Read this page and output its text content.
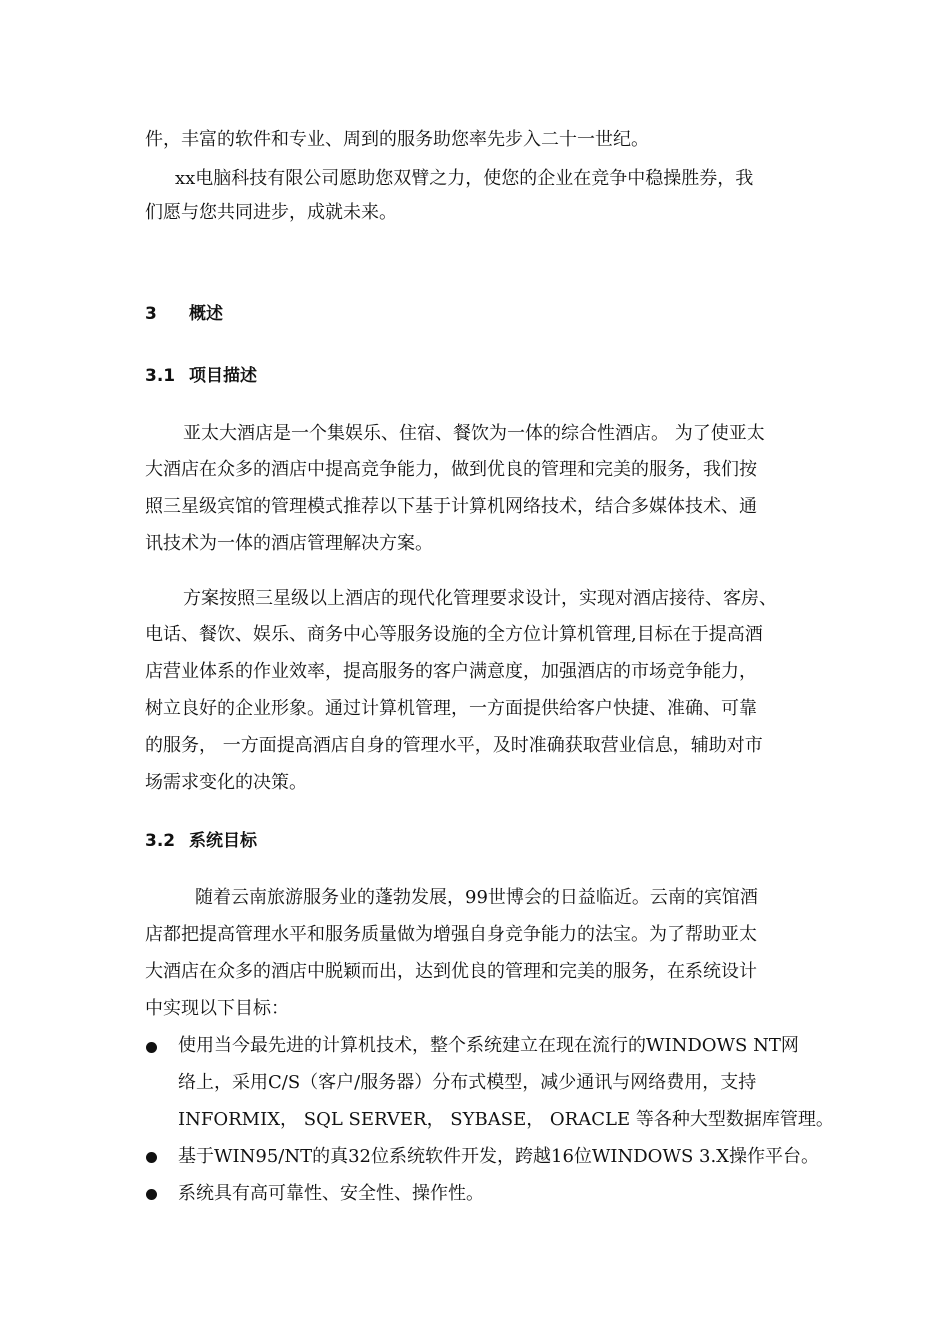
件，丰富的软件和专业、周到的服务助您率先步入二十一世纪。
xx电脑科技有限公司愿助您双臂之力，使您的企业在竞争中稳操胜券，我
们愿与您共同进步，成就未来。
3 概述
3.1 项目描述
亚太大酒店是一个集娱乐、住宿、餐饮为一体的综合性酒店。 为了使亚太
大酒店在众多的酒店中提高竞争能力，做到优良的管理和完美的服务，我们按
照三星级宾馆的管理模式推荐以下基于计算机网络技术，结合多媒体技术、通
讯技术为一体的酒店管理解决方案。
方案按照三星级以上酒店的现代化管理要求设计，实现对酒店接待、客房、
电话、餐饮、娱乐、商务中心等服务设施的全方位计算机管理,目标在于提高酒
店营业体系的作业效率，提高服务的客户满意度，加强酒店的市场竞争能力，
树立良好的企业形象。通过计算机管理，一方面提供给客户快捷、准确、可靠
的服务， 一方面提高酒店自身的管理水平，及时准确获取营业信息，辅助对市
场需求变化的决策。
3.2 系统目标
随着云南旅游服务业的蓬勃发展，99世博会的日益临近。云南的宾馆酒
店都把提高管理水平和服务质量做为增强自身竞争能力的法宝。为了帮助亚太
大酒店在众多的酒店中脱颖而出，达到优良的管理和完美的服务，在系统设计
中实现以下目标：
使用当今最先进的计算机技术，整个系统建立在现在流行的WINDOWS NT网
络上，采用C/S（客户/服务器）分布式模型，减少通讯与网络费用，支持
INFORMIX， SQL SERVER， SYBASE， ORACLE 等各种大型数据库管理。
基于WIN95/NT的真32位系统软件开发，跨越16位WINDOWS 3.X操作平台。
系统具有高可靠性、安全性、操作性。
